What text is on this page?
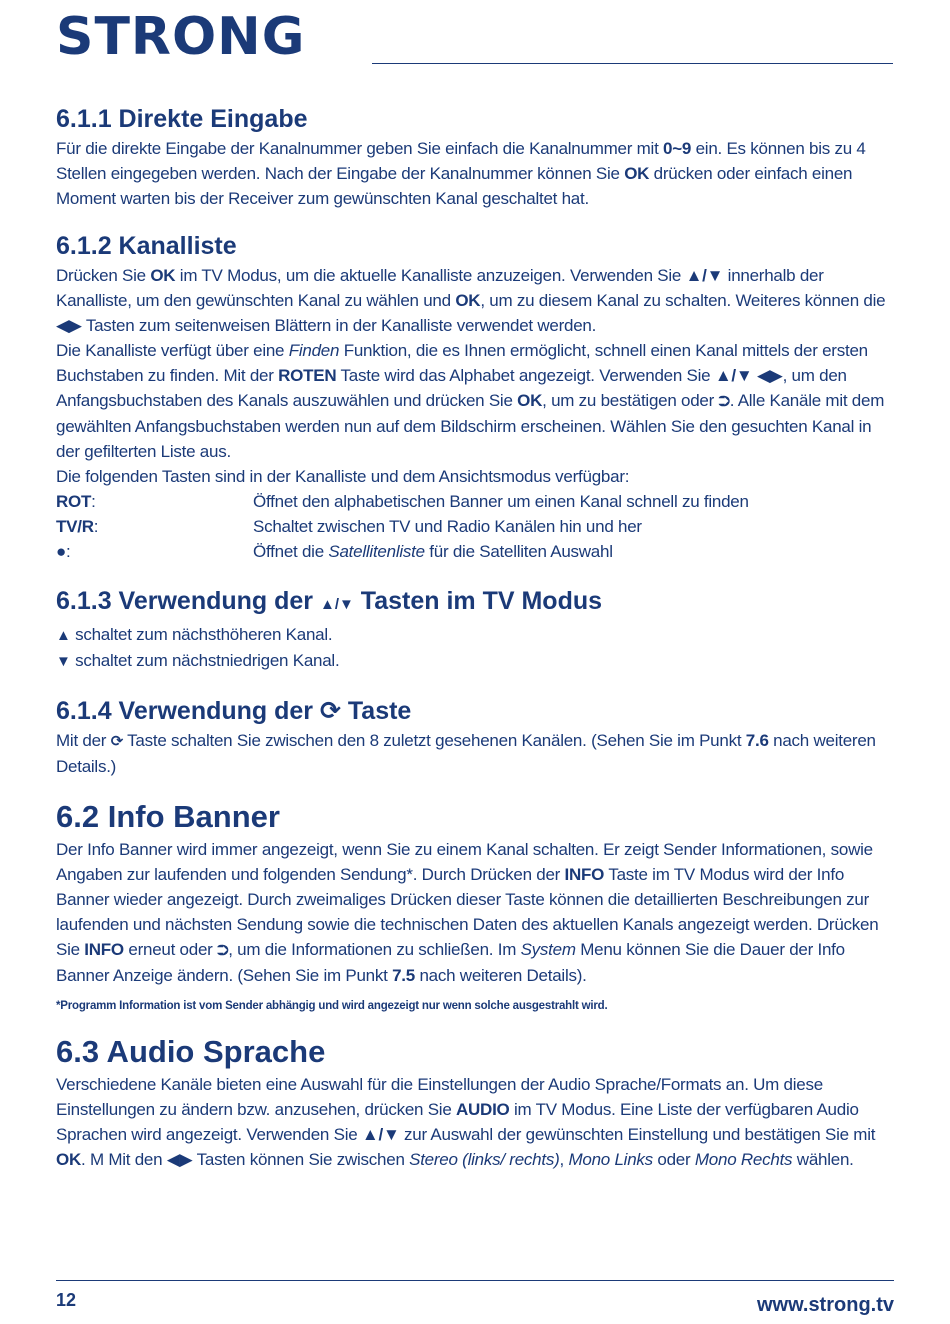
STRONG
6.1.1 Direkte Eingabe

Für die direkte Eingabe der Kanalnummer geben Sie einfach die Kanalnummer mit 0~9 ein. Es können bis zu 4 Stellen eingegeben werden. Nach der Eingabe der Kanalnummer können Sie OK drücken oder einfach einen Moment warten bis der Receiver zum gewünschten Kanal geschaltet hat.

6.1.2 Kanalliste

Drücken Sie OK im TV Modus, um die aktuelle Kanalliste anzuzeigen. Verwenden Sie ▲/▼ innerhalb der Kanalliste, um den gewünschten Kanal zu wählen und OK, um zu diesem Kanal zu schalten. Weiteres können die ◀▶ Tasten zum seitenweisen Blättern in der Kanalliste verwendet werden.

Die Kanalliste verfügt über eine Finden Funktion, die es Ihnen ermöglicht, schnell einen Kanal mittels der ersten Buchstaben zu finden. Mit der ROTEN Taste wird das Alphabet angezeigt. Verwenden Sie ▲/▼ ◀▶, um den Anfangsbuchstaben des Kanals auszuwählen und drücken Sie OK, um zu bestätigen oder ⮊. Alle Kanäle mit dem gewählten Anfangsbuchstaben werden nun auf dem Bildschirm erscheinen. Wählen Sie den gesuchten Kanal in der gefilterten Liste aus.

Die folgenden Tasten sind in der Kanalliste und dem Ansichtsmodus verfügbar:

ROT:	Öffnet den alphabetischen Banner um einen Kanal schnell zu finden
TV/R:	Schaltet zwischen TV und Radio Kanälen hin und her
●:	Öffnet die Satellitenliste für die Satelliten Auswahl
6.1.3 Verwendung der ▲/▼ Tasten im TV Modus

▲ schaltet zum nächsthöheren Kanal.

▼ schaltet zum nächstniedrigen Kanal.

6.1.4 Verwendung der ⟳ Taste

Mit der ⟳ Taste schalten Sie zwischen den 8 zuletzt gesehenen Kanälen. (Sehen Sie im Punkt 7.6 nach weiteren Details.)

6.2 Info Banner

Der Info Banner wird immer angezeigt, wenn Sie zu einem Kanal schalten. Er zeigt Sender Informationen, sowie Angaben zur laufenden und folgenden Sendung*. Durch Drücken der INFO Taste im TV Modus wird der Info Banner wieder angezeigt. Durch zweimaliges Drücken dieser Taste können die detaillierten Beschreibungen zur laufenden und nächsten Sendung sowie die technischen Daten des aktuellen Kanals angezeigt werden. Drücken Sie INFO erneut oder ⮊, um die Informationen zu schließen. Im System Menu können Sie die Dauer der Info Banner Anzeige ändern. (Sehen Sie im Punkt 7.5 nach weiteren Details).

*Programm Information ist vom Sender abhängig und wird angezeigt nur wenn solche ausgestrahlt wird.
6.3 Audio Sprache

Verschiedene Kanäle bieten eine Auswahl für die Einstellungen der Audio Sprache/Formats an. Um diese Einstellungen zu ändern bzw. anzusehen, drücken Sie AUDIO im TV Modus. Eine Liste der verfügbaren Audio Sprachen wird angezeigt. Verwenden Sie ▲/▼ zur Auswahl der gewünschten Einstellung und bestätigen Sie mit OK. M Mit den ◀▶ Tasten können Sie zwischen Stereo (links/ rechts), Mono Links oder Mono Rechts wählen.

12	www.strong.tv
